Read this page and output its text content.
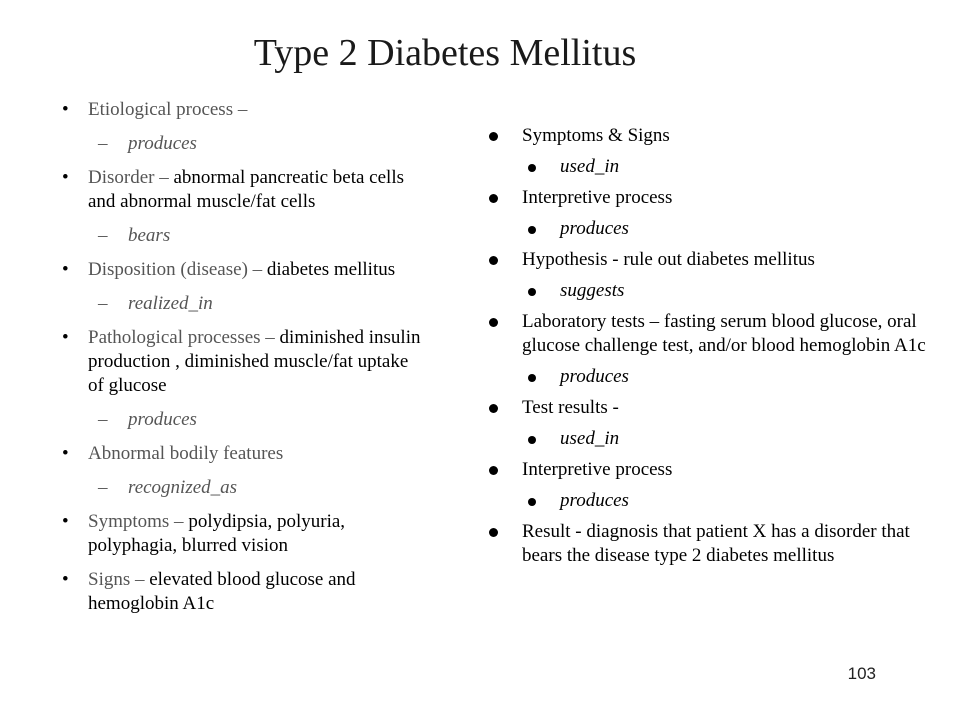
Type 2 Diabetes Mellitus
• Etiological process –
– produces
• Disorder – abnormal pancreatic beta cells and abnormal muscle/fat cells
– bears
• Disposition (disease) – diabetes mellitus
– realized_in
• Pathological processes – diminished insulin production , diminished muscle/fat uptake of glucose
– produces
• Abnormal bodily features
– recognized_as
• Symptoms – polydipsia, polyuria, polyphagia, blurred vision
• Signs – elevated blood glucose and hemoglobin A1c
Symptoms & Signs
used_in
Interpretive process
produces
Hypothesis - rule out diabetes mellitus
suggests
Laboratory tests – fasting serum blood glucose, oral glucose challenge test, and/or blood hemoglobin A1c
produces
Test results -
used_in
Interpretive process
produces
Result - diagnosis that patient X has a disorder that bears the disease type 2 diabetes mellitus
103
